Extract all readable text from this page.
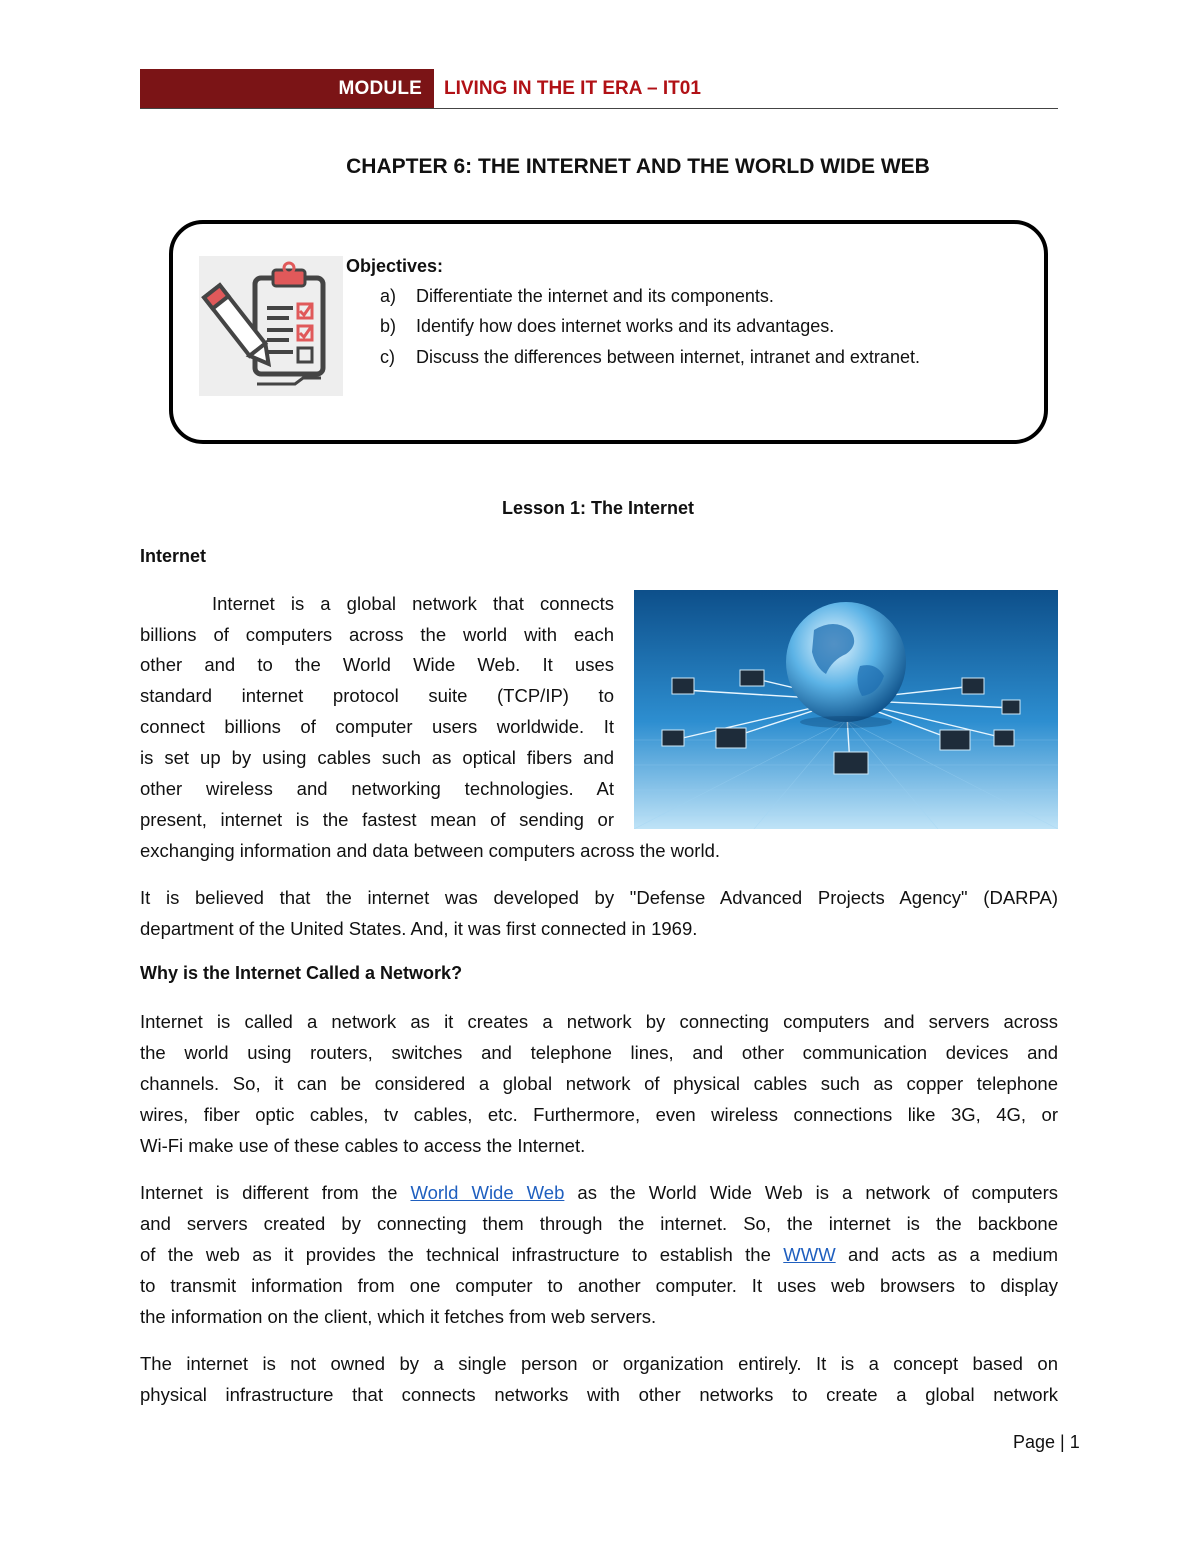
MODULE LIVING IN THE IT ERA – IT01
CHAPTER 6: THE INTERNET AND THE WORLD WIDE WEB
Objectives:
a) Differentiate the internet and its components.
b) Identify how does internet works and its advantages.
c) Discuss the differences between internet, intranet and extranet.
Lesson 1: The Internet
Internet
Internet is a global network that connects
billions of computers across the world with each
other and to the World Wide Web. It uses
standard internet protocol suite (TCP/IP) to
connect billions of computer users worldwide. It
is set up by using cables such as optical fibers and
other wireless and networking technologies. At
present, internet is the fastest mean of sending or
exchanging information and data between computers across the world.
It is believed that the internet was developed by "Defense Advanced Projects Agency" (DARPA)
department of the United States. And, it was first connected in 1969.
Why is the Internet Called a Network?
Internet is called a network as it creates a network by connecting computers and servers across
the world using routers, switches and telephone lines, and other communication devices and
channels. So, it can be considered a global network of physical cables such as copper telephone
wires, fiber optic cables, tv cables, etc. Furthermore, even wireless connections like 3G, 4G, or
Wi-Fi make use of these cables to access the Internet.
Internet is different from the World Wide Web as the World Wide Web is a network of computers
and servers created by connecting them through the internet. So, the internet is the backbone
of the web as it provides the technical infrastructure to establish the WWW and acts as a medium
to transmit information from one computer to another computer. It uses web browsers to display
the information on the client, which it fetches from web servers.
The internet is not owned by a single person or organization entirely. It is a concept based on
physical infrastructure that connects networks with other networks to create a global network
Page | 1
